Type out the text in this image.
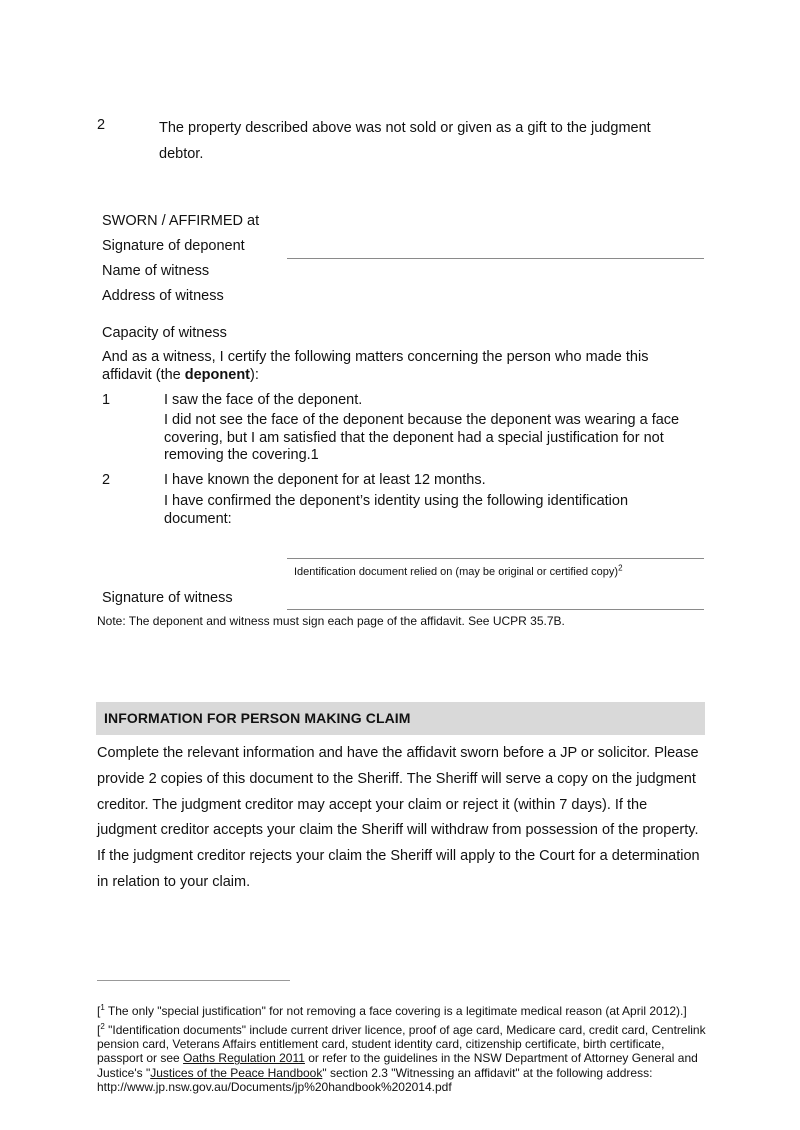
2	The property described above was not sold or given as a gift to the judgment debtor.
SWORN / AFFIRMED at
Signature of deponent
Name of witness
Address of witness
Capacity of witness
And as a witness, I certify the following matters concerning the person who made this affidavit (the deponent):
1	I saw the face of the deponent.
I did not see the face of the deponent because the deponent was wearing a face covering, but I am satisfied that the deponent had a special justification for not removing the covering.1
2	I have known the deponent for at least 12 months.
I have confirmed the deponent’s identity using the following identification document:
Identification document relied on (may be original or certified copy)$^2$
Signature of witness
Note: The deponent and witness must sign each page of the affidavit. See UCPR 35.7B.
INFORMATION FOR PERSON MAKING CLAIM
Complete the relevant information and have the affidavit sworn before a JP or solicitor. Please provide 2 copies of this document to the Sheriff. The Sheriff will serve a copy on the judgment creditor. The judgment creditor may accept your claim or reject it (within 7 days). If the judgment creditor accepts your claim the Sheriff will withdraw from possession of the property. If the judgment creditor rejects your claim the Sheriff will apply to the Court for a determination in relation to your claim.
[$^1$ The only "special justification" for not removing a face covering is a legitimate medical reason (at April 2012).]
[$^2$ "Identification documents" include current driver licence, proof of age card, Medicare card, credit card, Centrelink pension card, Veterans Affairs entitlement card, student identity card, citizenship certificate, birth certificate, passport or see Oaths Regulation 2011 or refer to the guidelines in the NSW Department of Attorney General and Justice's "Justices of the Peace Handbook" section 2.3 "Witnessing an affidavit" at the following address: http://www.jp.nsw.gov.au/Documents/jp%20handbook%202014.pdf
